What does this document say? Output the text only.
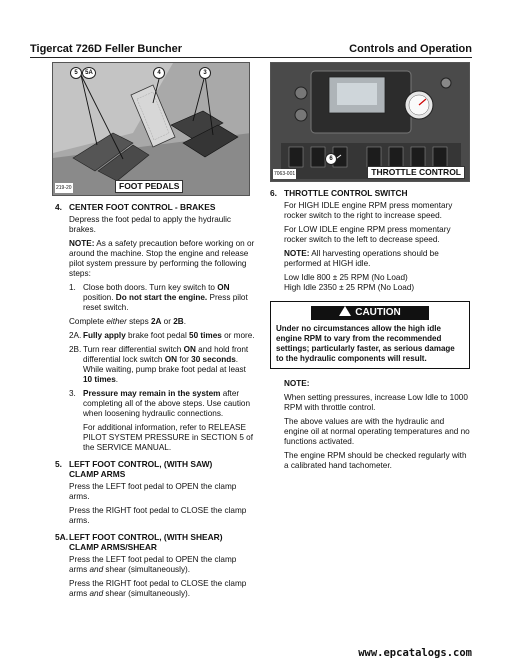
Tigercat 726D Feller Buncher	Controls and Operation
5	5A	4	3
219-20	FOOT PEDALS
4. CENTER FOOT CONTROL - BRAKES
Depress the foot pedal to apply the hydraulic brakes.
NOTE: As a safety precaution before working on or around the machine. Stop the engine and release pilot system pressure by performing the following steps:
1. Close both doors. Turn key switch to ON position. Do not start the engine. Press pilot reset switch.
Complete either steps 2A or 2B.
2A. Fully apply brake foot pedal 50 times or more.
2B. Turn rear differential switch ON and hold front differential lock switch ON for 30 seconds. While waiting, pump brake foot pedal at least 10 times.
3. Pressure may remain in the system after completing all of the above steps. Use caution when loosening hydraulic connections.
For additional information, refer to RELEASE PILOT SYSTEM PRESSURE in SECTION 5 of the SERVICE MANUAL.
5. LEFT FOOT CONTROL, (WITH SAW) CLAMP ARMS
Press the LEFT foot pedal to OPEN the clamp arms.
Press the RIGHT foot pedal to CLOSE the clamp arms.
5A. LEFT FOOT CONTROL, (WITH SHEAR) CLAMP ARMS/SHEAR
Press the LEFT foot pedal to OPEN the clamp arms and shear (simultaneously).
Press the RIGHT foot pedal to CLOSE the clamp arms and shear (simultaneously).
6
7063-001	THROTTLE CONTROL
6. THROTTLE CONTROL SWITCH
For HIGH IDLE engine RPM press momentary rocker switch to the right to increase speed.
For LOW IDLE engine RPM press momentary rocker switch to the left to decrease speed.
NOTE: All harvesting operations should be performed at HIGH idle.
Low Idle 800 ± 25 RPM (No Load)
High Idle 2350 ± 25 RPM (No Load)
CAUTION
Under no circumstances allow the high idle engine RPM to vary from the recommended settings; particularly faster, as serious damage to the hydraulic components will result.
NOTE:
When setting pressures, increase Low Idle to 1000 RPM with throttle control.
The above values are with the hydraulic and engine oil at normal operating temperatures and no functions activated.
The engine RPM should be checked regularly with a calibrated hand tachometer.
www.epcatalogs.com
